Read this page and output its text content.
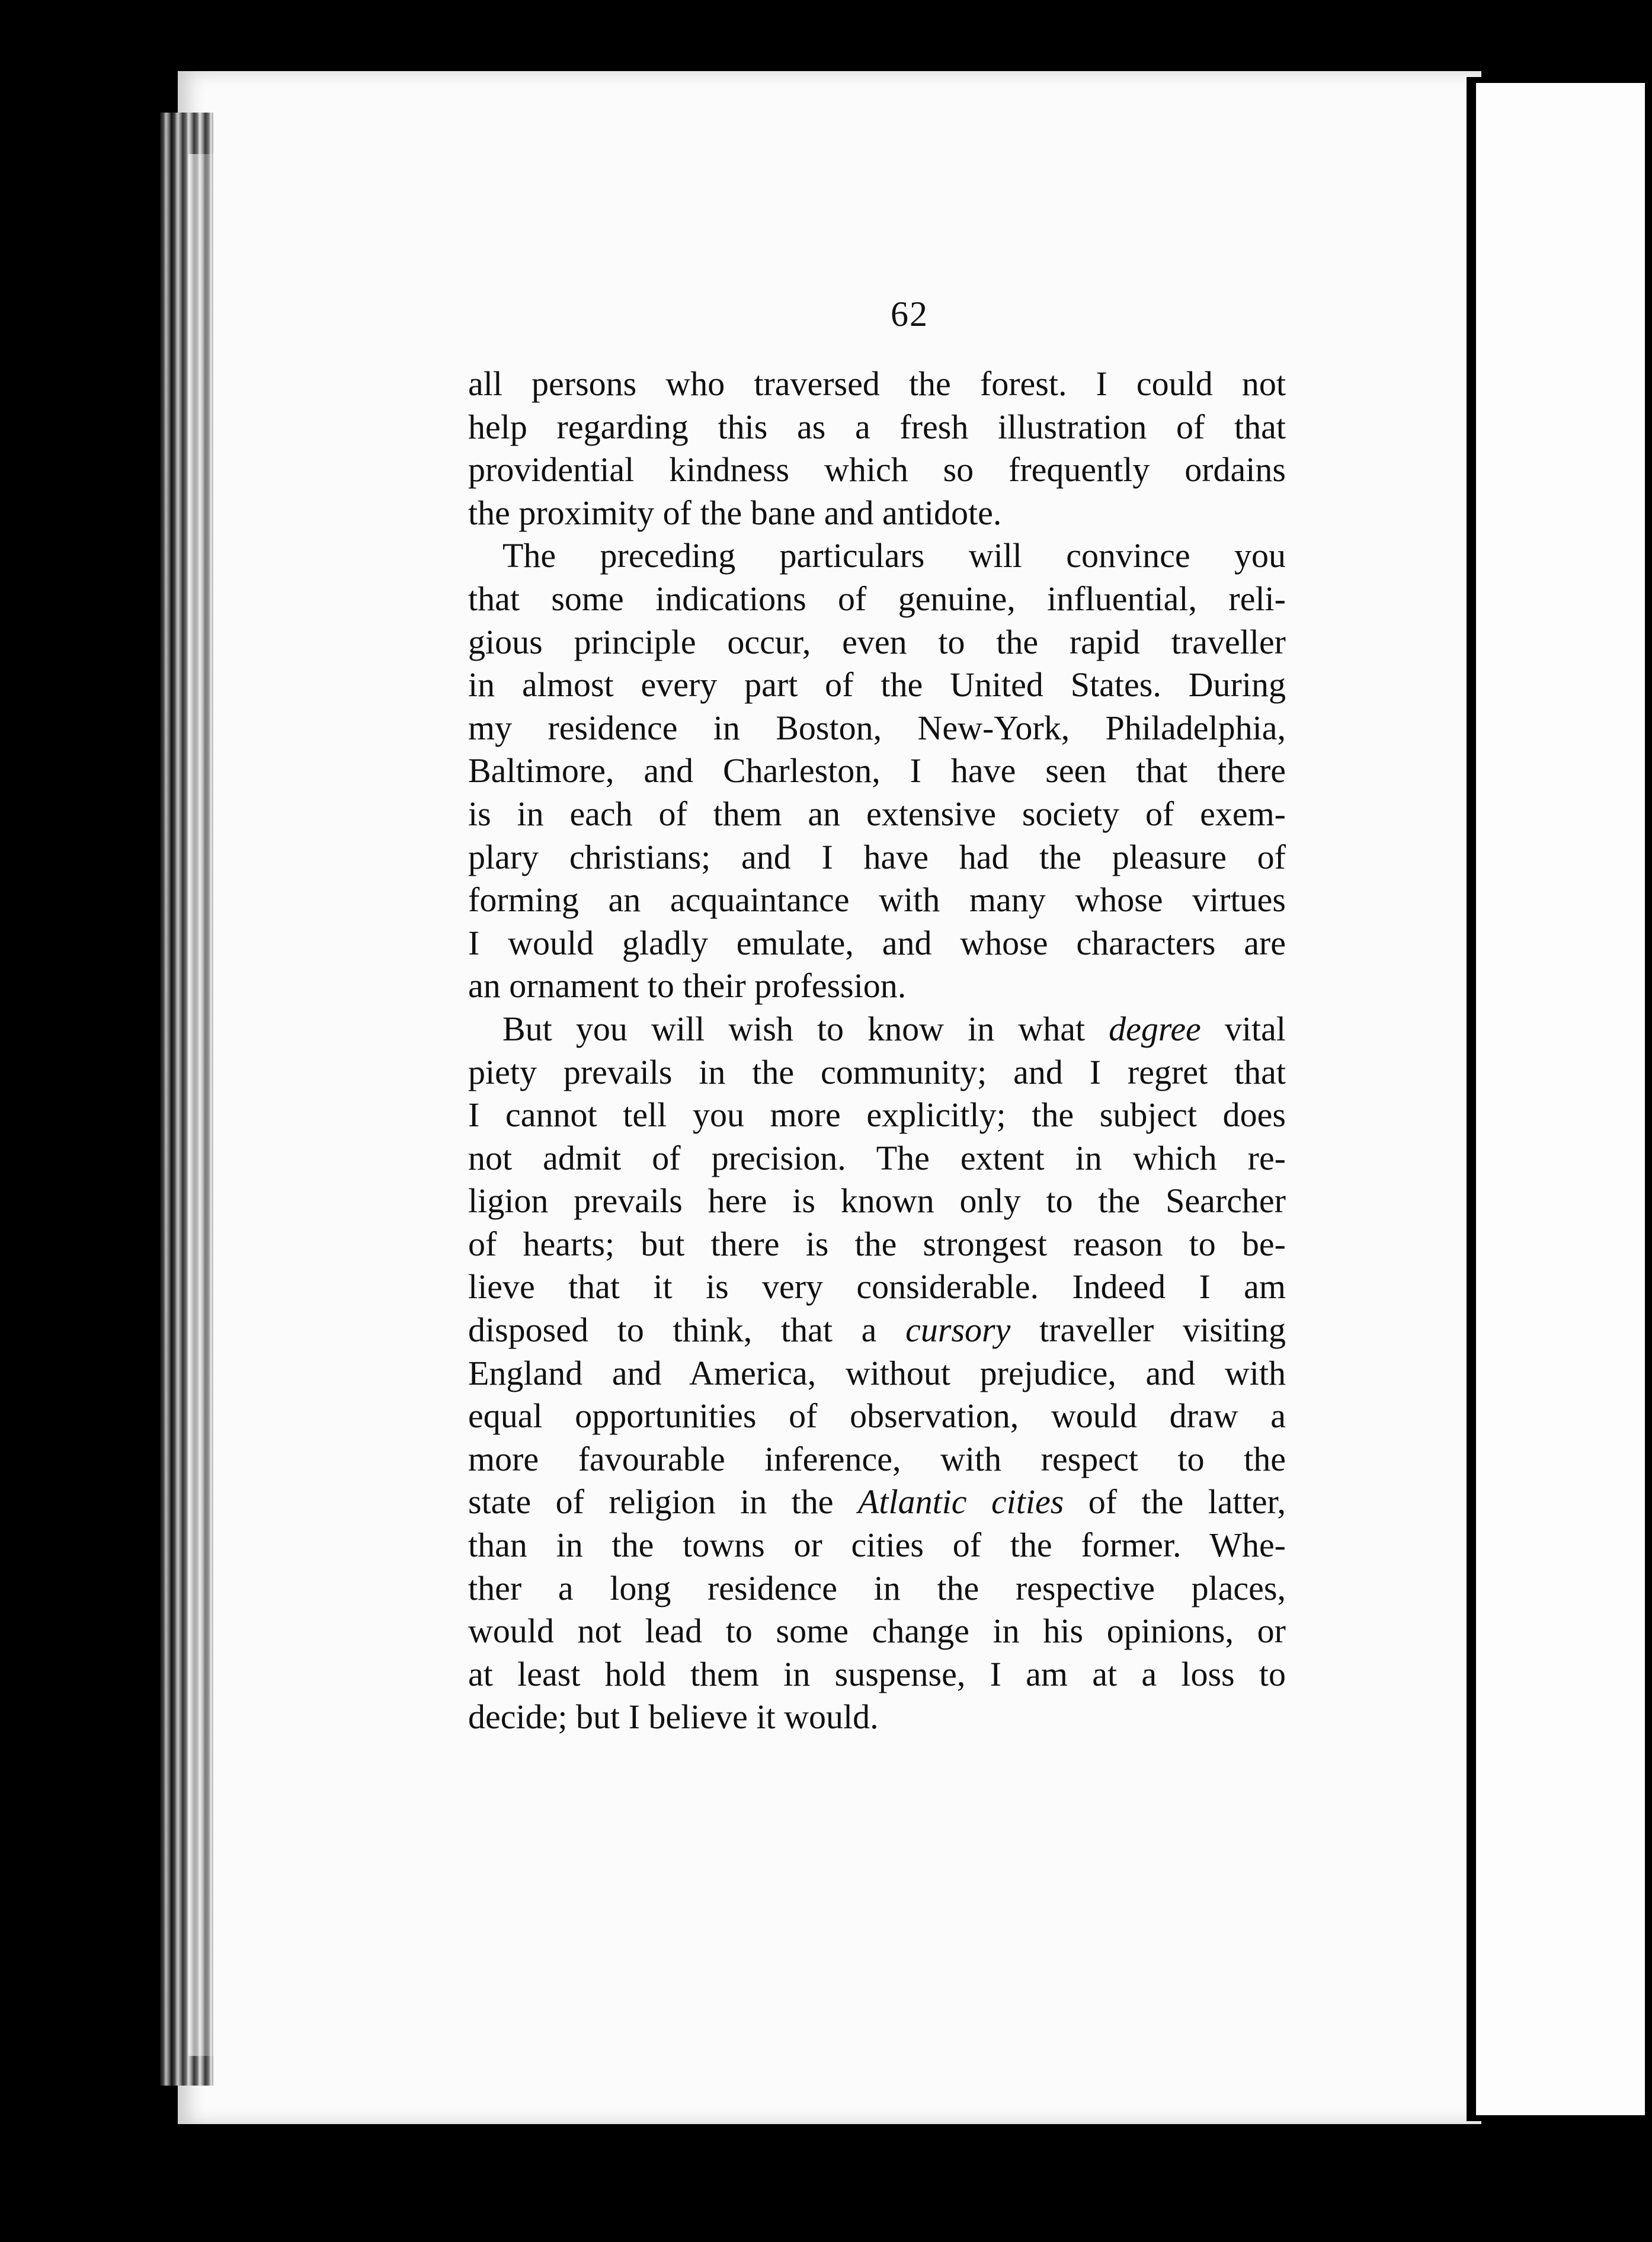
62
all persons who traversed the forest. I could not
help regarding this as a fresh illustration of that
providential kindness which so frequently ordains
the proximity of the bane and antidote.
The preceding particulars will convince you
that some indications of genuine, influential, reli-
gious principle occur, even to the rapid traveller
in almost every part of the United States. During
my residence in Boston, New-York, Philadelphia,
Baltimore, and Charleston, I have seen that there
is in each of them an extensive society of exem-
plary christians; and I have had the pleasure of
forming an acquaintance with many whose virtues
I would gladly emulate, and whose characters are
an ornament to their profession.
But you will wish to know in what degree vital
piety prevails in the community; and I regret that
I cannot tell you more explicitly; the subject does
not admit of precision. The extent in which re-
ligion prevails here is known only to the Searcher
of hearts; but there is the strongest reason to be-
lieve that it is very considerable. Indeed I am
disposed to think, that a cursory traveller visiting
England and America, without prejudice, and with
equal opportunities of observation, would draw a
more favourable inference, with respect to the
state of religion in the Atlantic cities of the latter,
than in the towns or cities of the former. Whe-
ther a long residence in the respective places,
would not lead to some change in his opinions, or
at least hold them in suspense, I am at a loss to
decide; but I believe it would.
